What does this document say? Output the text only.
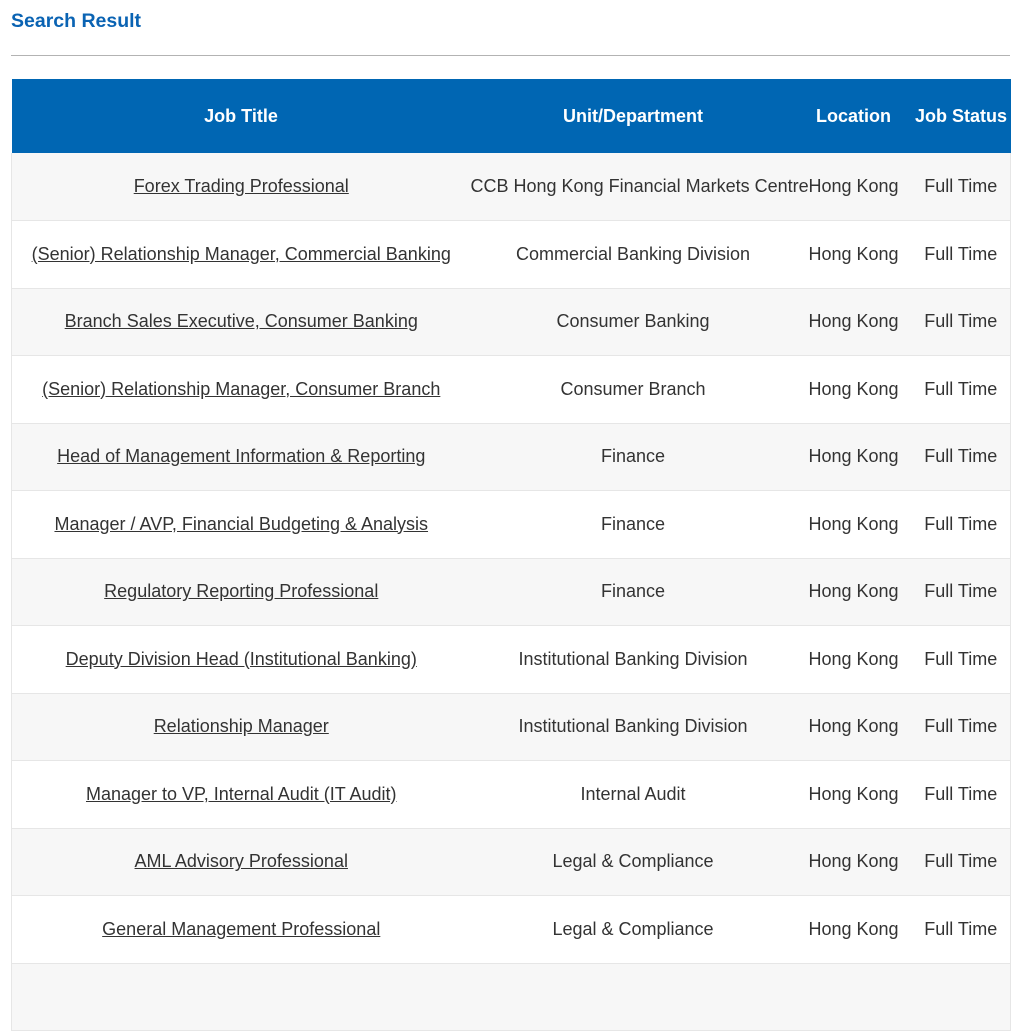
Search Result
Job Title	Unit/Department	Location	Job Status
Forex Trading Professional	CCB Hong Kong Financial Markets Centre	Hong Kong	Full Time
(Senior) Relationship Manager, Commercial Banking	Commercial Banking Division	Hong Kong	Full Time
Branch Sales Executive, Consumer Banking	Consumer Banking	Hong Kong	Full Time
(Senior) Relationship Manager, Consumer Branch	Consumer Branch	Hong Kong	Full Time
Head of Management Information & Reporting	Finance	Hong Kong	Full Time
Manager / AVP, Financial Budgeting & Analysis	Finance	Hong Kong	Full Time
Regulatory Reporting Professional	Finance	Hong Kong	Full Time
Deputy Division Head (Institutional Banking)	Institutional Banking Division	Hong Kong	Full Time
Relationship Manager	Institutional Banking Division	Hong Kong	Full Time
Manager to VP, Internal Audit (IT Audit)	Internal Audit	Hong Kong	Full Time
AML Advisory Professional	Legal & Compliance	Hong Kong	Full Time
General Management Professional	Legal & Compliance	Hong Kong	Full Time
